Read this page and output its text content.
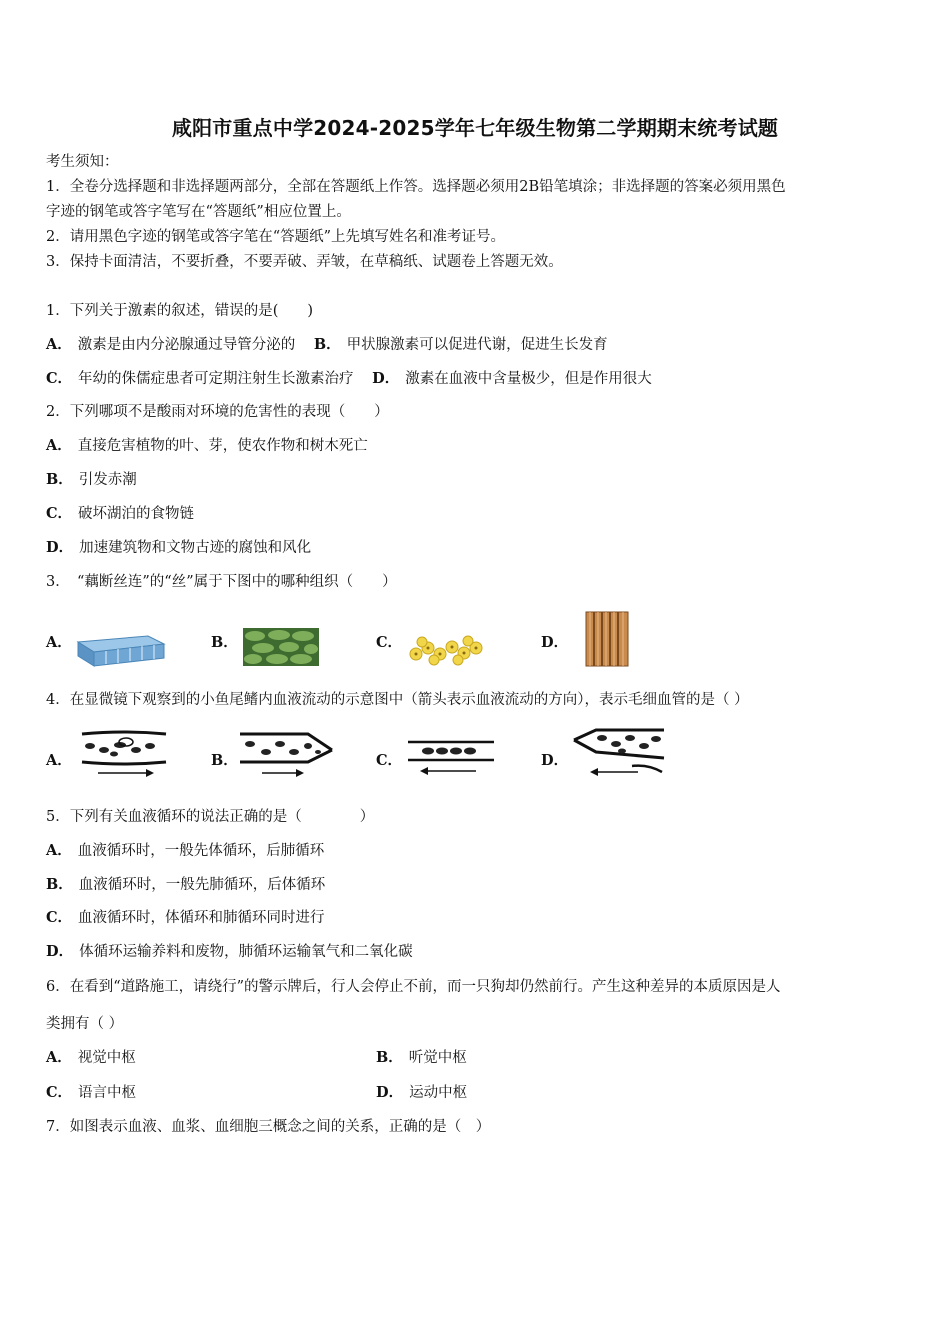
咸阳市重点中学2024-2025学年七年级生物第二学期期末统考试题
考生须知：
1．全卷分选择题和非选择题两部分，全部在答题纸上作答。选择题必须用2B铅笔填涂；非选择题的答案必须用黑色
字迹的钢笔或答字笔写在“答题纸”相应位置上。
2．请用黑色字迹的钢笔或答字笔在“答题纸”上先填写姓名和准考证号。
3．保持卡面清洁，不要折叠，不要弄破、弄皱，在草稿纸、试题卷上答题无效。
1．下列关于激素的叙述，错误的是(　　)
A． 激素是由内分泌腺通过导管分泌的 B． 甲状腺激素可以促进代谢，促进生长发育
C． 年幼的侏儒症患者可定期注射生长激素治疗 D． 激素在血液中含量极少，但是作用很大
2．下列哪项不是酸雨对环境的危害性的表现（　　）
A． 直接危害植物的叶、芽，使农作物和树木死亡
B． 引发赤潮
C． 破坏湖泊的食物链
D． 加速建筑物和文物古迹的腐蚀和风化
3．　“藕断丝连”的“丝”属于下图中的哪种组织（　　）
A．	B．	C．	D．
4．在显微镜下观察到的小鱼尾鳍内血液流动的示意图中（箭头表示血液流动的方向），表示毛细血管的是（ ）
A．	B．	C．	D．
5．下列有关血液循环的说法正确的是（　　　　）
A． 血液循环时，一般先体循环，后肺循环
B． 血液循环时，一般先肺循环，后体循环
C． 血液循环时，体循环和肺循环同时进行
D． 体循环运输养料和废物，肺循环运输氧气和二氧化碳
6．在看到“道路施工，请绕行”的警示牌后，行人会停止不前，而一只狗却仍然前行。产生这种差异的本质原因是人
类拥有（ ）
A． 视觉中枢	B． 听觉中枢
C． 语言中枢	D． 运动中枢
7．如图表示血液、血浆、血细胞三概念之间的关系，正确的是（　）
